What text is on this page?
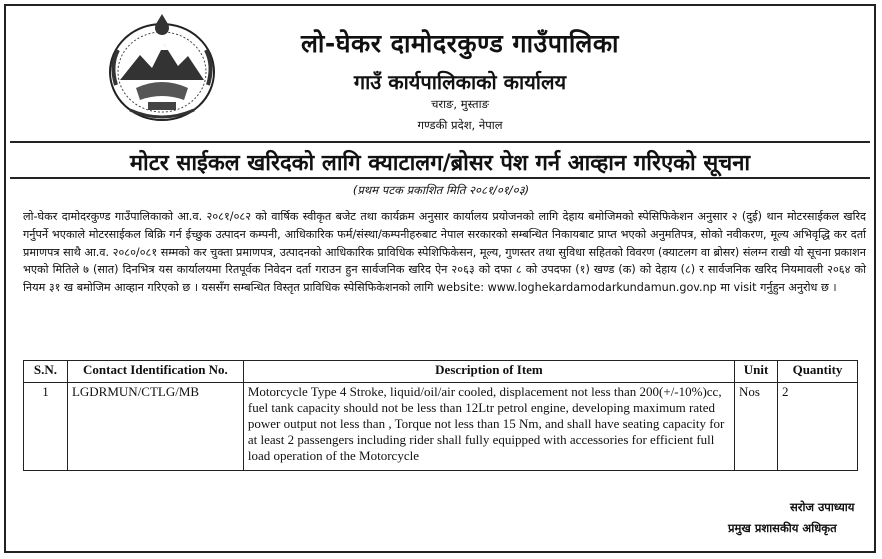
लो-घेकर दामोदरकुण्ड गाउँपालिका
गाउँ कार्यपालिकाको कार्यालय
चराङ, मुस्ताङ
गण्डकी प्रदेश, नेपाल
मोटर साईकल खरिदको लागि क्याटालग/ब्रोसर पेश गर्न आव्हान गरिएको सूचना
(प्रथम पटक प्रकाशित मिति २०८१/०१/०३)

लो-घेकर दामोदरकुण्ड गाउँपालिकाको आ.व. २०८१/०८२ को वार्षिक स्वीकृत बजेट तथा कार्यक्रम अनुसार कार्यालय प्रयोजनको लागि देहाय बमोजिमको स्पेसिफिकेशन अनुसार २ (दुई) थान मोटरसाईकल खरिद गर्नुपर्ने भएकाले मोटरसाईकल बिक्रि गर्न ईच्छुक उत्पादन कम्पनी, आधिकारिक फर्म/संस्था/कम्पनीहरुबाट नेपाल सरकारको सम्बन्धित निकायबाट प्राप्त भएको अनुमतिपत्र, सोको नवीकरण, मूल्य अभिवृद्धि कर दर्ता प्रमाणपत्र साथै आ.व. २०८०/०८१ सम्मको कर चुक्ता प्रमाणपत्र, उत्पादनको आधिकारिक प्राविधिक स्पेशिफिकेसन, मूल्य, गुणस्तर तथा सुविधा सहितको विवरण (क्याटलग वा ब्रोसर) संलग्न राखी यो सूचना प्रकाशन भएको मितिले ७ (सात) दिनभित्र यस कार्यालयमा रितपूर्वक निवेदन दर्ता गराउन हुन सार्वजनिक खरिद ऐन २०६३ को दफा ८ को उपदफा (१) खण्ड (क) को देहाय (८) र सार्वजनिक खरिद नियमावली २०६४ को नियम ३१ ख बमोजिम आव्हान गरिएको छ । यससँग सम्बन्धित विस्तृत प्राविधिक स्पेसिफिकेशनको लागि website: www.loghekardamodarkundamun.gov.np मा visit गर्नुहुन अनुरोध छ ।

S.N.	Contact Identification No.	Description of Item	Unit	Quantity
1	LGDRMUN/CTLG/MB	Motorcycle Type 4 Stroke, liquid/oil/air cooled, displacement not less than 200(+/-10%)cc, fuel tank capacity should not be less than 12Ltr petrol engine, developing maximum rated power output not less than , Torque not less than 15 Nm, and shall have seating capacity for at least 2 passengers including rider shall fully equipped with accessories for efficient full load operation of the Motorcycle	Nos	2
सरोज उपाध्याय
प्रमुख प्रशासकीय अधिकृत
